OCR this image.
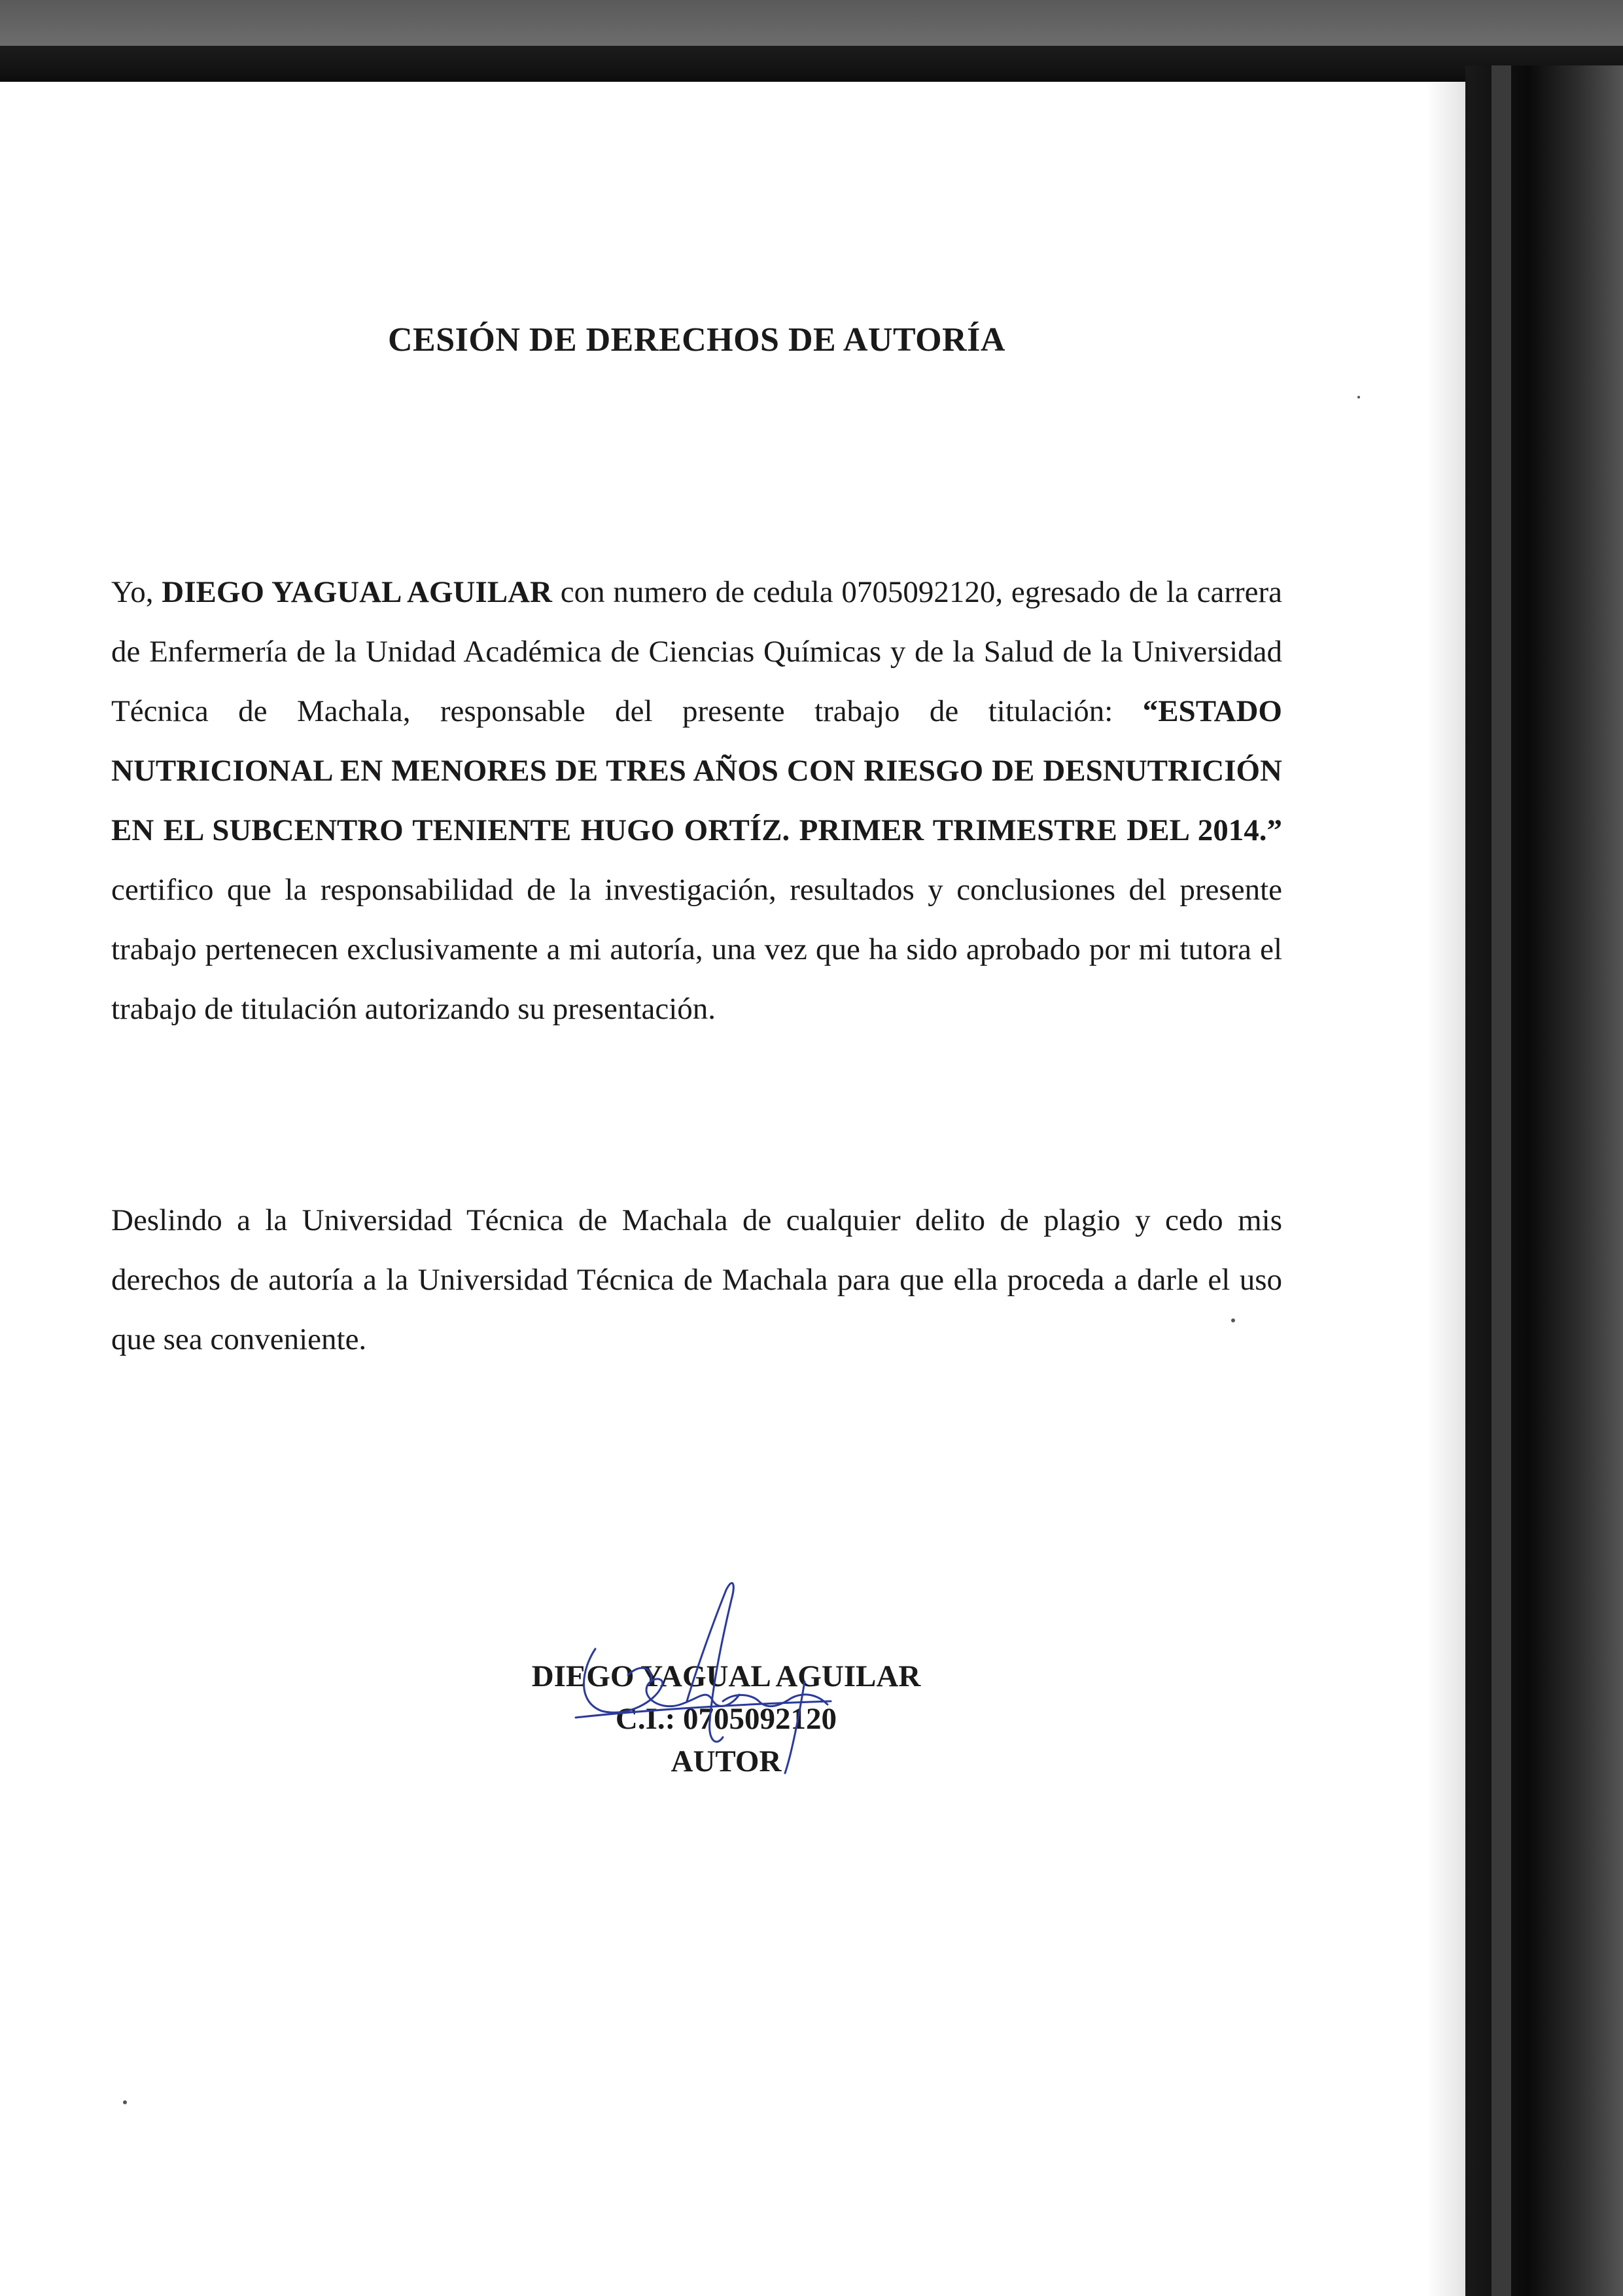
CESIÓN DE DERECHOS DE AUTORÍA

Yo, DIEGO YAGUAL AGUILAR con numero de cedula 0705092120, egresado de la carrera de Enfermería de la Unidad Académica de Ciencias Químicas y de la Salud de la Universidad Técnica de Machala, responsable del presente trabajo de titulación: “ESTADO NUTRICIONAL EN MENORES DE TRES AÑOS CON RIESGO DE DESNUTRICIÓN EN EL SUBCENTRO TENIENTE HUGO ORTÍZ. PRIMER TRIMESTRE DEL 2014.” certifico que la responsabilidad de la investigación, resultados y conclusiones del presente trabajo pertenecen exclusivamente a mi autoría, una vez que ha sido aprobado por mi tutora el trabajo de titulación autorizando su presentación.

Deslindo a la Universidad Técnica de Machala de cualquier delito de plagio y cedo mis derechos de autoría a la Universidad Técnica de Machala para que ella proceda a darle el uso que sea conveniente.

DIEGO YAGUAL AGUILAR
C.I.: 0705092120
AUTOR
